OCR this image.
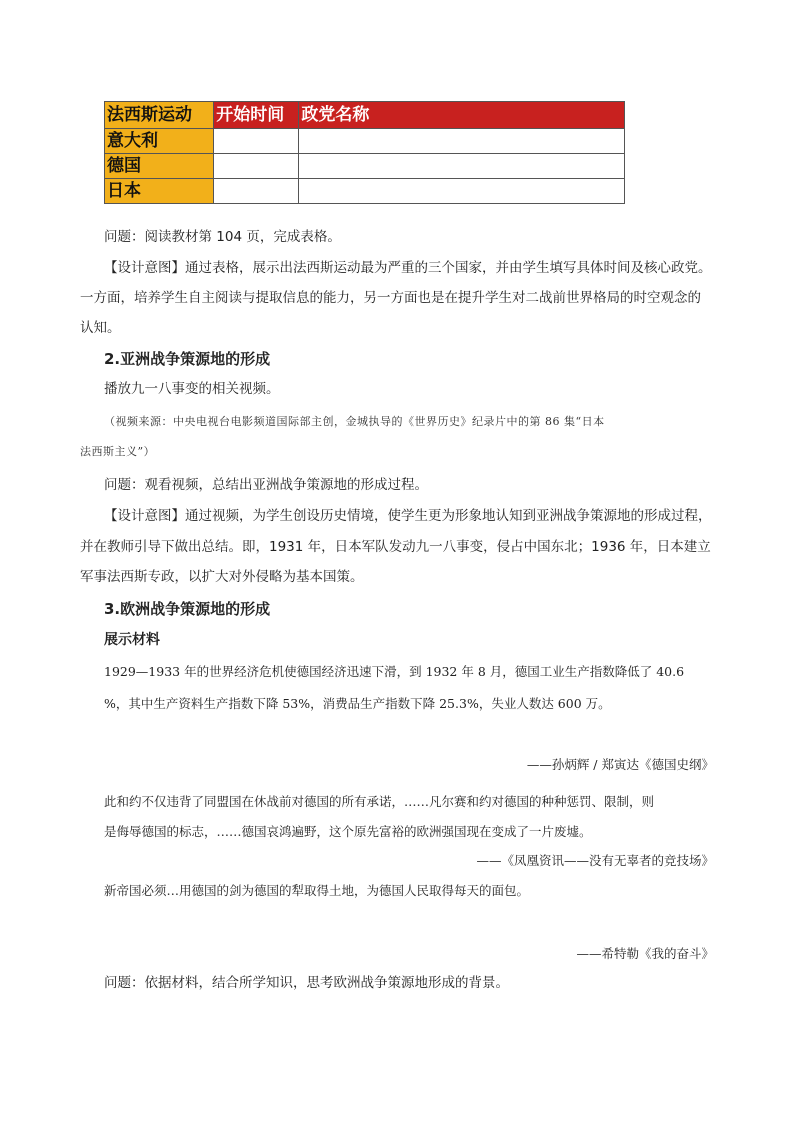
法西斯运动	开始时间	政党名称
意大利		
德国		
日本		
问题：阅读教材第 104 页，完成表格。
【设计意图】通过表格，展示出法西斯运动最为严重的三个国家，并由学生填写具体时间及核心政党。
一方面，培养学生自主阅读与提取信息的能力，另一方面也是在提升学生对二战前世界格局的时空观念的
认知。
2.亚洲战争策源地的形成
播放九一八事变的相关视频。
（视频来源：中央电视台电影频道国际部主创，金城执导的《世界历史》纪录片中的第 86 集“日本
法西斯主义”）
问题：观看视频，总结出亚洲战争策源地的形成过程。
【设计意图】通过视频，为学生创设历史情境，使学生更为形象地认知到亚洲战争策源地的形成过程，
并在教师引导下做出总结。即，1931 年，日本军队发动九一八事变，侵占中国东北；1936 年，日本建立
军事法西斯专政，以扩大对外侵略为基本国策。
3.欧洲战争策源地的形成
展示材料
1929—1933 年的世界经济危机使德国经济迅速下滑，到 1932 年 8 月，德国工业生产指数降低了 40.6
%，其中生产资料生产指数下降 53%，消费品生产指数下降 25.3%，失业人数达 600 万。
——孙炳辉 / 郑寅达《德国史纲》
此和约不仅违背了同盟国在休战前对德国的所有承诺，……凡尔赛和约对德国的种种惩罚、限制，则
是侮辱德国的标志，……德国哀鸿遍野，这个原先富裕的欧洲强国现在变成了一片废墟。
——《凤凰资讯——没有无辜者的竞技场》
新帝国必须…用德国的剑为德国的犁取得土地，为德国人民取得每天的面包。
——希特勒《我的奋斗》
问题：依据材料，结合所学知识，思考欧洲战争策源地形成的背景。
